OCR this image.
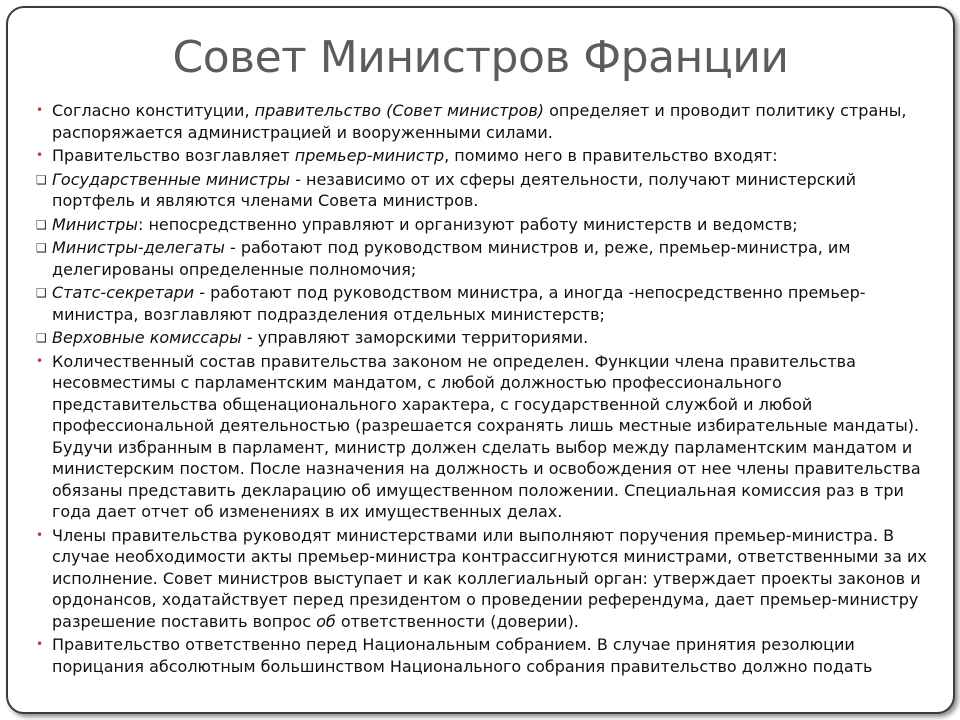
Совет Министров Франции
• Согласно конституции, правительство (Совет министров) определяет и проводит политику страны, распоряжается администрацией и вооруженными силами.
• Правительство возглавляет премьер-министр, помимо него в правительство входят:
❑ Государственные министры - независимо от их сферы деятельности, получают министерский портфель и являются членами Совета министров.
❑ Министры: непосредственно управляют и организуют работу министерств и ведомств;
❑ Министры-делегаты - работают под руководством министров и, реже, премьер-министра, им делегированы определенные полномочия;
❑ Статс-секретари - работают под руководством министра, а иногда -непосредственно премьер-министра, возглавляют подразделения отдельных министерств;
❑ Верховные комиссары - управляют заморскими территориями.
• Количественный состав правительства законом не определен. Функции члена правительства несовместимы с парламентским мандатом, с любой должностью профессионального представительства общенационального характера, с государственной службой и любой профессиональной деятельностью (разрешается сохранять лишь местные избирательные мандаты). Будучи избранным в парламент, министр должен сделать выбор между парламентским мандатом и министерским постом. После назначения на должность и освобождения от нее члены правительства обязаны представить декларацию об имущественном положении. Специальная комиссия раз в три года дает отчет об изменениях в их имущественных делах.
• Члены правительства руководят министерствами или выполняют поручения премьер-министра. В случае необходимости акты премьер-министра контрассигнуются министрами, ответственными за их исполнение. Совет министров выступает и как коллегиальный орган: утверждает проекты законов и ордонансов, ходатайствует перед президентом о проведении референдума, дает премьер-министру разрешение поставить вопрос об ответственности (доверии).
• Правительство ответственно перед Национальным собранием. В случае принятия резолюции порицания абсолютным большинством Национального собрания правительство должно подать
